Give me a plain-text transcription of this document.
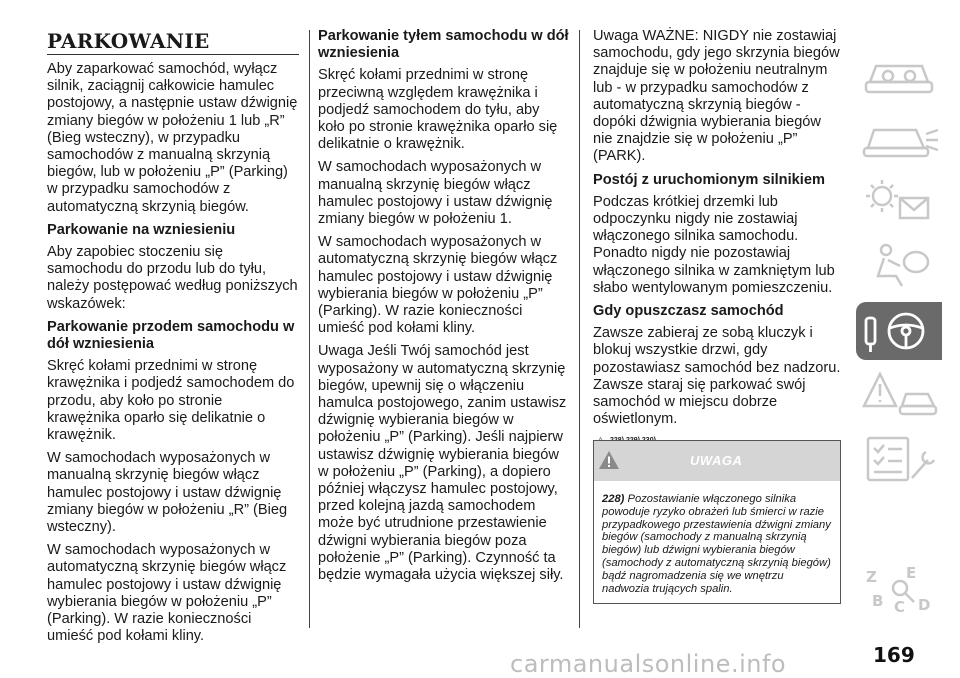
PARKOWANIE

Aby zaparkować samochód, wyłącz silnik, zaciągnij całkowicie hamulec postojowy, a następnie ustaw dźwignię zmiany biegów w położeniu 1 lub „R” (Bieg wsteczny), w przypadku samochodów z manualną skrzynią biegów, lub w położeniu „P” (Parking) w przypadku samochodów z automatyczną skrzynią biegów.

Parkowanie na wzniesieniu

Aby zapobiec stoczeniu się samochodu do przodu lub do tyłu, należy postępować według poniższych wskazówek:

Parkowanie przodem samochodu w dół wzniesienia

Skręć kołami przednimi w stronę krawężnika i podjedź samochodem do przodu, aby koło po stronie krawężnika oparło się delikatnie o krawężnik.

W samochodach wyposażonych w manualną skrzynię biegów włącz hamulec postojowy i ustaw dźwignię zmiany biegów w położeniu „R” (Bieg wsteczny).

W samochodach wyposażonych w automatyczną skrzynię biegów włącz hamulec postojowy i ustaw dźwignię wybierania biegów w położeniu „P” (Parking). W razie konieczności umieść pod kołami kliny.

Parkowanie tyłem samochodu w dół wzniesienia

Skręć kołami przednimi w stronę przeciwną względem krawężnika i podjedź samochodem do tyłu, aby koło po stronie krawężnika oparło się delikatnie o krawężnik.

W samochodach wyposażonych w manualną skrzynię biegów włącz hamulec postojowy i ustaw dźwignię zmiany biegów w położeniu 1.

W samochodach wyposażonych w automatyczną skrzynię biegów włącz hamulec postojowy i ustaw dźwignię wybierania biegów w położeniu „P” (Parking). W razie konieczności umieść pod kołami kliny.

Uwaga Jeśli Twój samochód jest wyposażony w automatyczną skrzynię biegów, upewnij się o włączeniu hamulca postojowego, zanim ustawisz dźwignię wybierania biegów w położeniu „P” (Parking). Jeśli najpierw ustawisz dźwignię wybierania biegów w położeniu „P” (Parking), a dopiero później włączysz hamulec postojowy, przed kolejną jazdą samochodem może być utrudnione przestawienie dźwigni wybierania biegów poza położenie „P” (Parking). Czynność ta będzie wymagała użycia większej siły.

Uwaga WAŻNE: NIGDY nie zostawiaj samochodu, gdy jego skrzynia biegów znajduje się w położeniu neutralnym lub - w przypadku samochodów z automatyczną skrzynią biegów - dopóki dźwignia wybierania biegów nie znajdzie się w położeniu „P” (PARK).

Postój z uruchomionym silnikiem

Podczas krótkiej drzemki lub odpoczynku nigdy nie zostawiaj włączonego silnika samochodu. Ponadto nigdy nie pozostawiaj włączonego silnika w zamkniętym lub słabo wentylowanym pomieszczeniu.

Gdy opuszczasz samochód

Zawsze zabieraj ze sobą kluczyk i blokuj wszystkie drzwi, gdy pozostawiasz samochód bez nadzoru. Zawsze staraj się parkować swój samochód w miejscu dobrze oświetlonym.

UWAGA
228) Pozostawianie włączonego silnika powoduje ryzyko obrażeń lub śmierci w razie przypadkowego przestawienia dźwigni zmiany biegów (samochody z manualną skrzynią biegów) lub dźwigni wybierania biegów (samochody z automatyczną skrzynią biegów) bądź nagromadzenia się we wnętrzu nadwozia trujących spalin.
Z E
B C D
169
carmanualsonline.info
